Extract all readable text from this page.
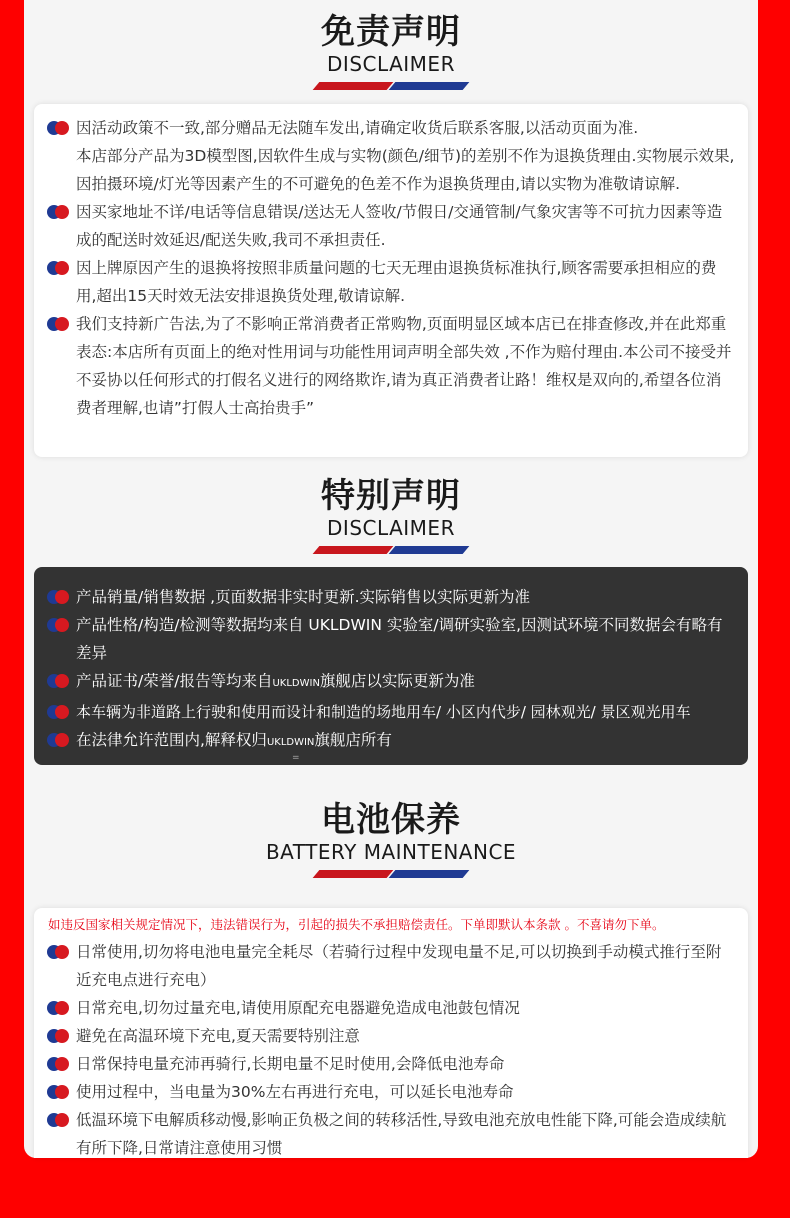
免责声明
DISCLAIMER
因活动政策不一致,部分赠品无法随车发出,请确定收货后联系客服,以活动页面为准.
本店部分产品为3D模型图,因软件生成与实物(颜色/细节)的差别不作为退换货理由.实物展示效果,因拍摄环境/灯光等因素产生的不可避免的色差不作为退换货理由,请以实物为准敬请谅解.
因买家地址不详/电话等信息错误/送达无人签收/节假日/交通管制/气象灾害等不可抗力因素等造成的配送时效延迟/配送失败,我司不承担责任.
因上牌原因产生的退换将按照非质量问题的七天无理由退换货标准执行,顾客需要承担相应的费用,超出15天时效无法安排退换货处理,敬请谅解.
我们支持新广告法,为了不影响正常消费者正常购物,页面明显区域本店已在排查修改,并在此郑重表态:本店所有页面上的绝对性用词与功能性用词声明全部失效 ,不作为赔付理由.本公司不接受并不妥协以任何形式的打假名义进行的网络欺诈,请为真正消费者让路！维权是双向的,希望各位消费者理解,也请”打假人士高抬贵手”
特别声明
DISCLAIMER
产品销量/销售数据 ,页面数据非实时更新.实际销售以实际更新为准
产品性格/构造/检测等数据均来自 UKLDWIN 实验室/调研实验室,因测试环境不同数据会有略有差异
产品证书/荣誉/报告等均来自UKLDWIN旗舰店以实际更新为准
本车辆为非道路上行驶和使用而设计和制造的场地用车/ 小区内代步/ 园林观光/ 景区观光用车
在法律允许范围内,解释权归UKLDWIN旗舰店所有
=
电池保养
BATTERY MAINTENANCE
如违反国家相关规定情况下，违法错误行为，引起的损失不承担赔偿责任。下单即默认本条款 。不喜请勿下单。
日常使用,切勿将电池电量完全耗尽（若骑行过程中发现电量不足,可以切换到手动模式推行至附近充电点进行充电）
日常充电,切勿过量充电,请使用原配充电器避免造成电池鼓包情况
避免在高温环境下充电,夏天需要特别注意
日常保持电量充沛再骑行,长期电量不足时使用,会降低电池寿命
使用过程中，当电量为30%左右再进行充电，可以延长电池寿命
低温环境下电解质移动慢,影响正负极之间的转移活性,导致电池充放电性能下降,可能会造成续航有所下降,日常请注意使用习惯
